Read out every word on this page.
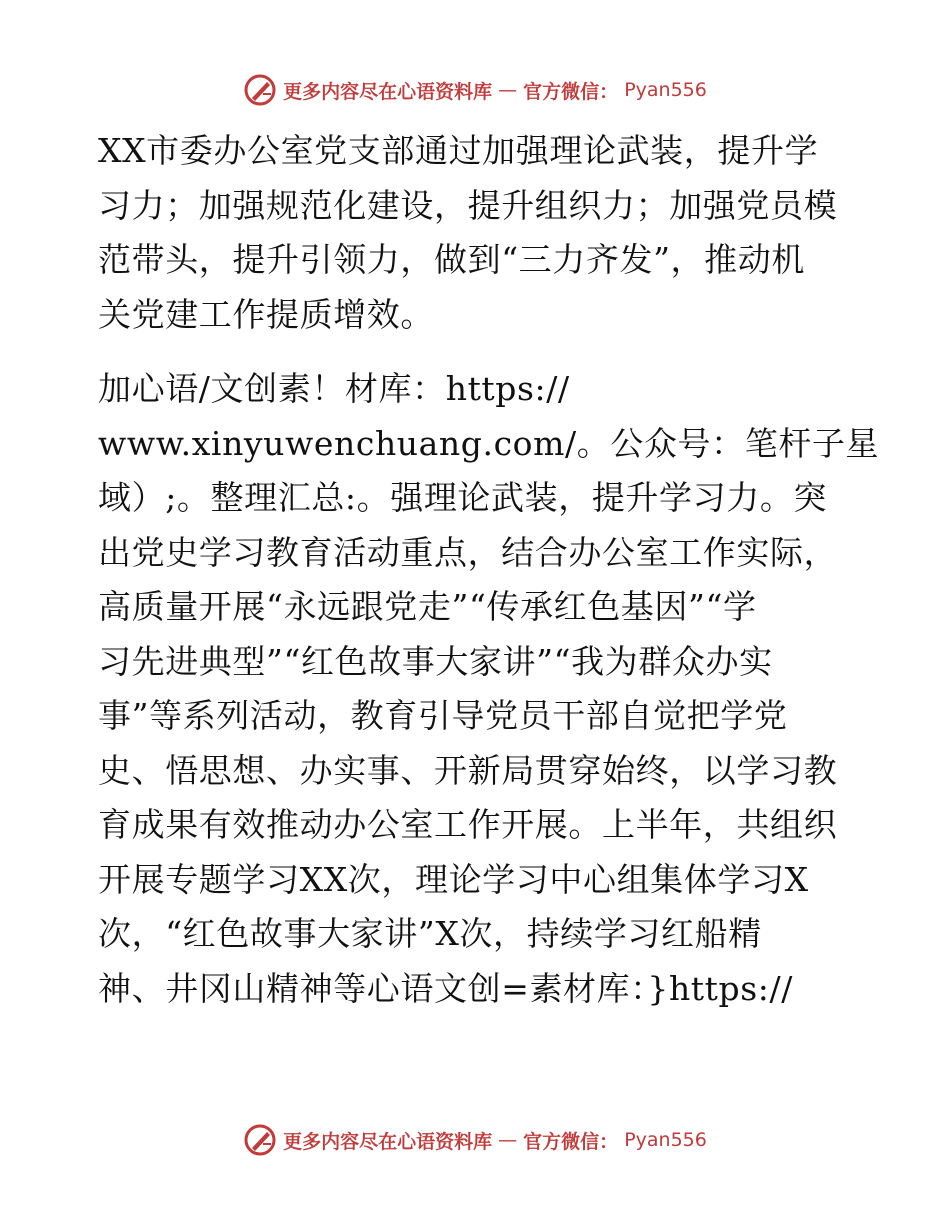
更多内容尽在心语资料库 — 官方微信： Pyan556
XX市委办公室党支部通过加强理论武装，提升学
习力；加强规范化建设，提升组织力；加强党员模
范带头，提升引领力，做到“三力齐发”，推动机
关党建工作提质增效。
加心语/文创素！材库：https://
www.xinyuwenchuang.com/。公众号：笔杆子星
域）;。整理汇总:。强理论武装，提升学习力。突
出党史学习教育活动重点，结合办公室工作实际，
高质量开展“永远跟党走”“传承红色基因”“学
习先进典型”“红色故事大家讲”“我为群众办实
事”等系列活动，教育引导党员干部自觉把学党
史、悟思想、办实事、开新局贯穿始终，以学习教
育成果有效推动办公室工作开展。上半年，共组织
开展专题学习XX次，理论学习中心组集体学习X
次，“红色故事大家讲”X次，持续学习红船精
神、井冈山精神等心语文创=素材库：}https://
更多内容尽在心语资料库 — 官方微信： Pyan556
